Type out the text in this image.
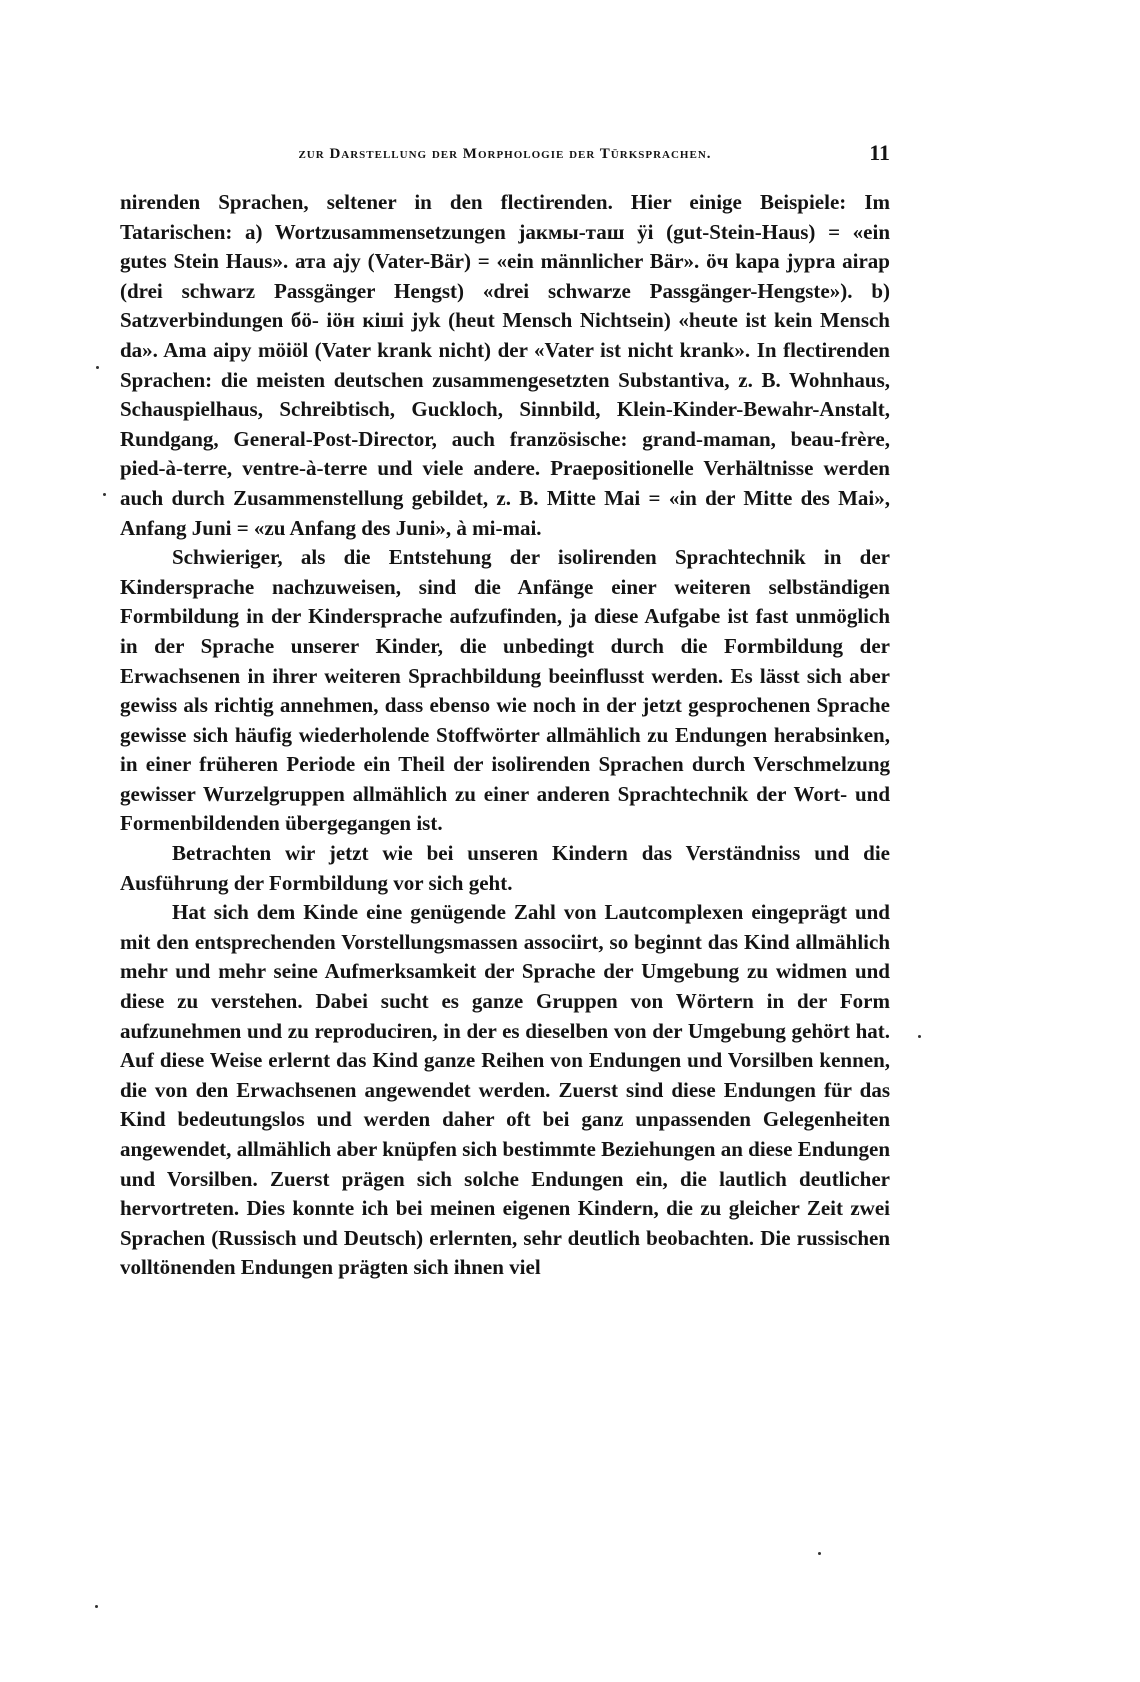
zur Darstellung der Morphologie der Türksprachen.	11

nirenden Sprachen, seltener in den flectirenden. Hier einige Beispiele: Im Tatarischen: a) Wortzusammensetzungen jакмы-таш ÿi (gut-Stein-Haus) = «ein gutes Stein Haus». ата ajy (Vater-Bär) = «ein männlicher Bär». öч kapa jypra airap (drei schwarz Passgänger Hengst) «drei schwarze Passgänger-Hengste»). b) Satzverbindungen бö- iöн кiшi jyk (heut Mensch Nichtsein) «heute ist kein Mensch da». Ama аipy möiöl (Vater krank nicht) der «Vater ist nicht krank». In flectirenden Sprachen: die meisten deutschen zusammengesetzten Substantiva, z. B. Wohnhaus, Schauspielhaus, Schreibtisch, Guckloch, Sinnbild, Klein-Kinder-Bewahr-Anstalt, Rundgang, General-Post-Director, auch französische: grand-maman, beau-frère, pied-à-terre, ventre-à-terre und viele andere. Praepositionelle Verhältnisse werden auch durch Zusammenstellung gebildet, z. B. Mitte Mai = «in der Mitte des Mai», Anfang Juni = «zu Anfang des Juni», à mi-mai.

Schwieriger, als die Entstehung der isolirenden Sprachtechnik in der Kindersprache nachzuweisen, sind die Anfänge einer weiteren selbständigen Formbildung in der Kindersprache aufzufinden, ja diese Aufgabe ist fast unmöglich in der Sprache unserer Kinder, die unbedingt durch die Formbildung der Erwachsenen in ihrer weiteren Sprachbildung beeinflusst werden. Es lässt sich aber gewiss als richtig annehmen, dass ebenso wie noch in der jetzt gesprochenen Sprache gewisse sich häufig wiederholende Stoffwörter allmählich zu Endungen herabsinken, in einer früheren Periode ein Theil der isolirenden Sprachen durch Verschmelzung gewisser Wurzelgruppen allmählich zu einer anderen Sprachtechnik der Wort- und Formenbildenden übergegangen ist.

Betrachten wir jetzt wie bei unseren Kindern das Verständniss und die Ausführung der Formbildung vor sich geht.

Hat sich dem Kinde eine genügende Zahl von Lautcomplexen eingeprägt und mit den entsprechenden Vorstellungsmassen associirt, so beginnt das Kind allmählich mehr und mehr seine Aufmerksamkeit der Sprache der Umgebung zu widmen und diese zu verstehen. Dabei sucht es ganze Gruppen von Wörtern in der Form aufzunehmen und zu reproduciren, in der es dieselben von der Umgebung gehört hat. Auf diese Weise erlernt das Kind ganze Reihen von Endungen und Vorsilben kennen, die von den Erwachsenen angewendet werden. Zuerst sind diese Endungen für das Kind bedeutungslos und werden daher oft bei ganz unpassenden Gelegenheiten angewendet, allmählich aber knüpfen sich bestimmte Beziehungen an diese Endungen und Vorsilben. Zuerst prägen sich solche Endungen ein, die lautlich deutlicher hervortreten. Dies konnte ich bei meinen eigenen Kindern, die zu gleicher Zeit zwei Sprachen (Russisch und Deutsch) erlernten, sehr deutlich beobachten. Die russischen volltönenden Endungen prägten sich ihnen viel
